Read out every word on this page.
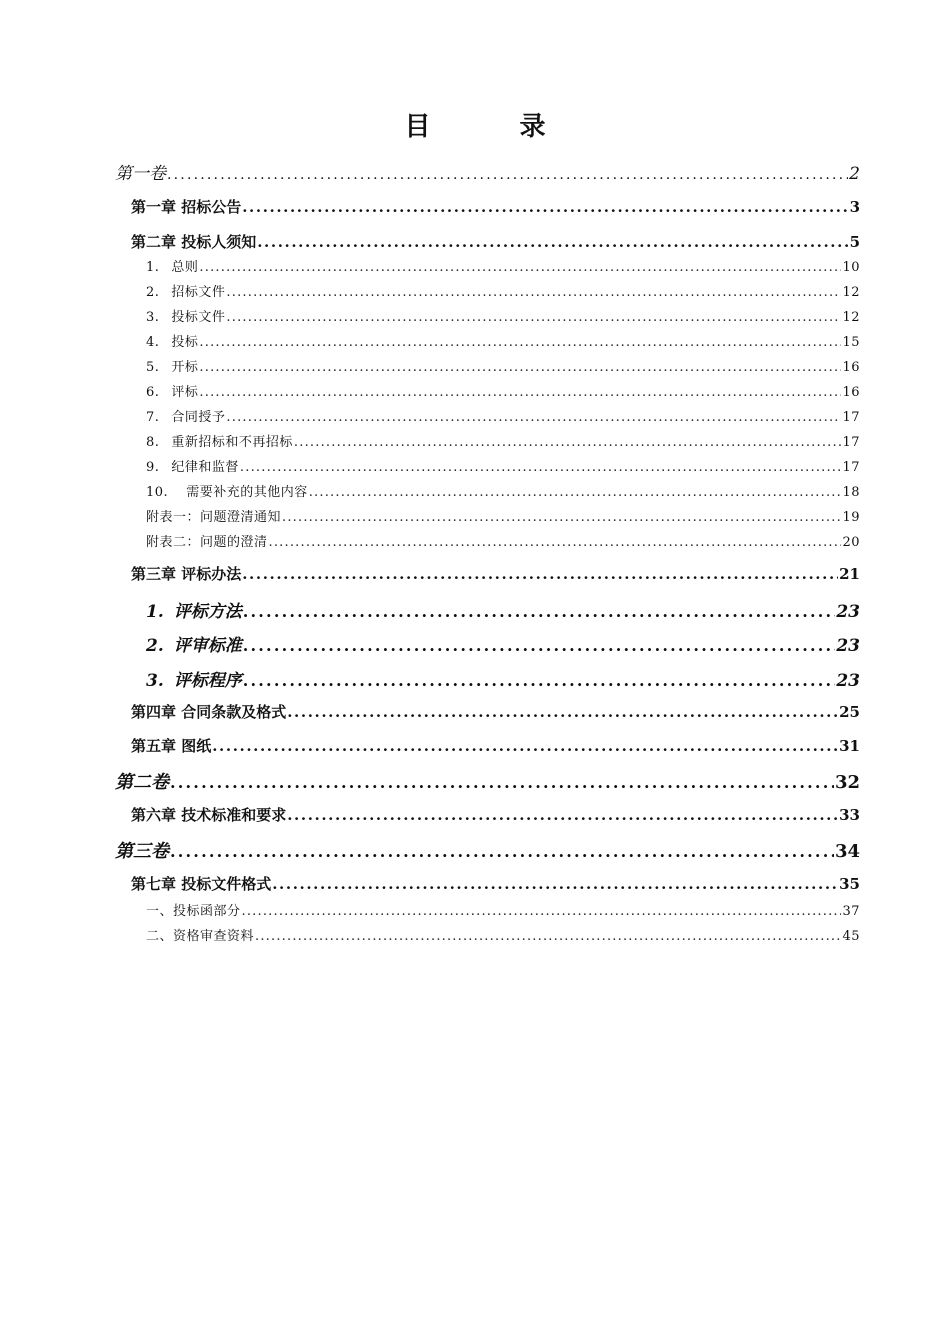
目 录
第一卷 .....	2
第一章 招标公告 .....	3
第二章 投标人须知 .....	5
1. 总则 .....	10
2. 招标文件 .....	12
3. 投标文件 .....	12
4. 投标 .....	15
5. 开标 .....	16
6. 评标 .....	16
7. 合同授予 .....	17
8. 重新招标和不再招标 .....	17
9. 纪律和监督 .....	17
10. 需要补充的其他内容 .....	18
附表一：问题澄清通知 .....	19
附表二：问题的澄清 .....	20
第三章 评标办法 .....	21
1. 评标方法 .....	23
2. 评审标准 .....	23
3. 评标程序 .....	23
第四章 合同条款及格式 .....	25
第五章 图纸 .....	31
第二卷 .....	32
第六章 技术标准和要求 .....	33
第三卷 .....	34
第七章 投标文件格式 .....	35
一、投标函部分 .....	37
二、资格审查资料 .....	45
